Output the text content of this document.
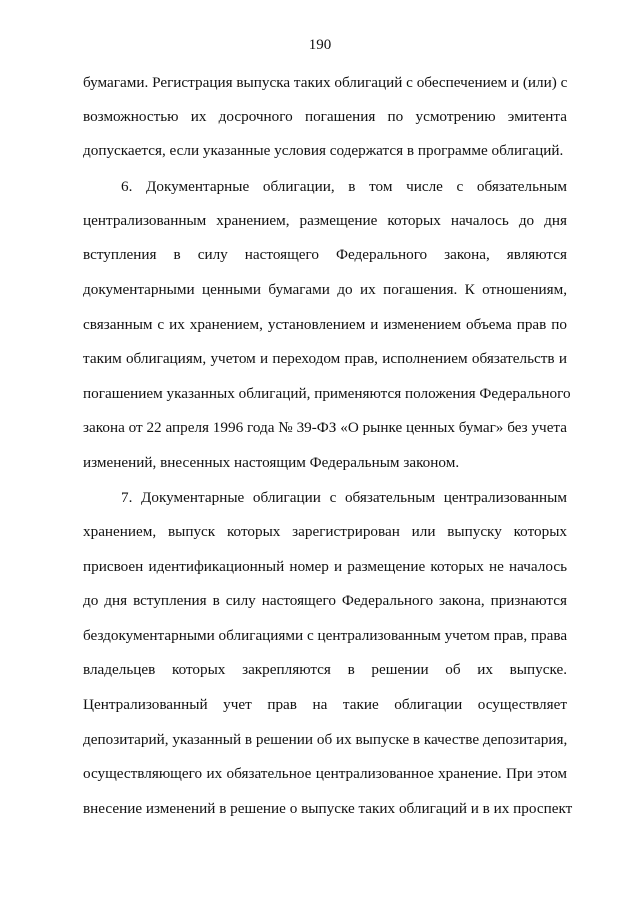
190
бумагами. Регистрация выпуска таких облигаций с обеспечением и (или) с
возможностью их досрочного погашения по усмотрению эмитента
допускается, если указанные условия содержатся в программе облигаций.
6. Документарные облигации, в том числе с обязательным
централизованным хранением, размещение которых началось до дня
вступления в силу настоящего Федерального закона, являются
документарными ценными бумагами до их погашения. К отношениям,
связанным с их хранением, установлением и изменением объема прав по
таким облигациям, учетом и переходом прав, исполнением обязательств и
погашением указанных облигаций, применяются положения Федерального
закона от 22 апреля 1996 года № 39-ФЗ «О рынке ценных бумаг» без учета
изменений, внесенных настоящим Федеральным законом.
7. Документарные облигации с обязательным централизованным
хранением, выпуск которых зарегистрирован или выпуску которых
присвоен идентификационный номер и размещение которых не началось
до дня вступления в силу настоящего Федерального закона, признаются
бездокументарными облигациями с централизованным учетом прав, права
владельцев которых закрепляются в решении об их выпуске.
Централизованный учет прав на такие облигации осуществляет
депозитарий, указанный в решении об их выпуске в качестве депозитария,
осуществляющего их обязательное централизованное хранение. При этом
внесение изменений в решение о выпуске таких облигаций и в их проспект
